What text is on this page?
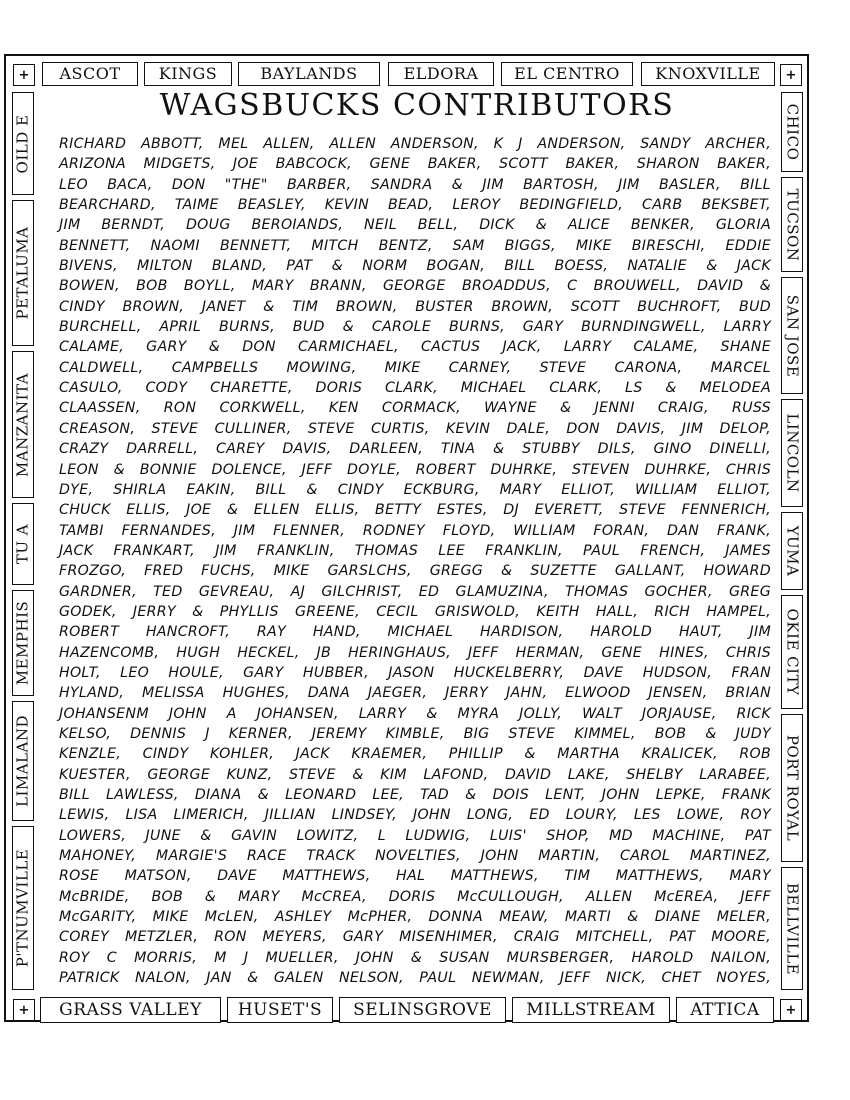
+	+
+	+
ASCOT	KINGS	BAYLANDS	ELDORA	EL CENTRO	KNOXVILLE
GRASS VALLEY	HUSET'S	SELINSGROVE	MILLSTREAM	ATTICA
P'TNUMVILLE
LIMALAND
MEMPHIS
TU A
MANZANITA
PETALUMA
OILD E	CHICO
TUCSON
SAN JOSE
LINCOLN
YUMA
OKIE CITY
PORT ROYAL
BELLVILLE
WAGSBUCKS CONTRIBUTORS
RICHARD ABBOTT, MEL ALLEN, ALLEN ANDERSON, K J ANDERSON, SANDY ARCHER,
ARIZONA MIDGETS, JOE BABCOCK, GENE BAKER, SCOTT BAKER, SHARON BAKER,
LEO BACA, DON "THE" BARBER, SANDRA & JIM BARTOSH, JIM BASLER, BILL
BEARCHARD, TAIME BEASLEY, KEVIN BEAD, LEROY BEDINGFIELD, CARB BEKSBET,
JIM BERNDT, DOUG BEROIANDS, NEIL BELL, DICK & ALICE BENKER, GLORIA
BENNETT, NAOMI BENNETT, MITCH BENTZ, SAM BIGGS, MIKE BIRESCHI, EDDIE
BIVENS, MILTON BLAND, PAT & NORM BOGAN, BILL BOESS, NATALIE & JACK
BOWEN, BOB BOYLL, MARY BRANN, GEORGE BROADDUS, C BROUWELL, DAVID &
CINDY BROWN, JANET & TIM BROWN, BUSTER BROWN, SCOTT BUCHROFT, BUD
BURCHELL, APRIL BURNS, BUD & CAROLE BURNS, GARY BURNDINGWELL, LARRY
CALAME, GARY & DON CARMICHAEL, CACTUS JACK, LARRY CALAME, SHANE
CALDWELL, CAMPBELLS MOWING, MIKE CARNEY, STEVE CARONA, MARCEL
CASULO, CODY CHARETTE, DORIS CLARK, MICHAEL CLARK, LS & MELODEA
CLAASSEN, RON CORKWELL, KEN CORMACK, WAYNE & JENNI CRAIG, RUSS
CREASON, STEVE CULLINER, STEVE CURTIS, KEVIN DALE, DON DAVIS, JIM DELOP,
CRAZY DARRELL, CAREY DAVIS, DARLEEN, TINA & STUBBY DILS, GINO DINELLI,
LEON & BONNIE DOLENCE, JEFF DOYLE, ROBERT DUHRKE, STEVEN DUHRKE, CHRIS
DYE, SHIRLA EAKIN, BILL & CINDY ECKBURG, MARY ELLIOT, WILLIAM ELLIOT,
CHUCK ELLIS, JOE & ELLEN ELLIS, BETTY ESTES, DJ EVERETT, STEVE FENNERICH,
TAMBI FERNANDES, JIM FLENNER, RODNEY FLOYD, WILLIAM FORAN, DAN FRANK,
JACK FRANKART, JIM FRANKLIN, THOMAS LEE FRANKLIN, PAUL FRENCH, JAMES
FROZGO, FRED FUCHS, MIKE GARSLCHS, GREGG & SUZETTE GALLANT, HOWARD
GARDNER, TED GEVREAU, AJ GILCHRIST, ED GLAMUZINA, THOMAS GOCHER, GREG
GODEK, JERRY & PHYLLIS GREENE, CECIL GRISWOLD, KEITH HALL, RICH HAMPEL,
ROBERT HANCROFT, RAY HAND, MICHAEL HARDISON, HAROLD HAUT, JIM
HAZENCOMB, HUGH HECKEL, JB HERINGHAUS, JEFF HERMAN, GENE HINES, CHRIS
HOLT, LEO HOULE, GARY HUBBER, JASON HUCKELBERRY, DAVE HUDSON, FRAN
HYLAND, MELISSA HUGHES, DANA JAEGER, JERRY JAHN, ELWOOD JENSEN, BRIAN
JOHANSENM JOHN A JOHANSEN, LARRY & MYRA JOLLY, WALT JORJAUSE, RICK
KELSO, DENNIS J KERNER, JEREMY KIMBLE, BIG STEVE KIMMEL, BOB & JUDY
KENZLE, CINDY KOHLER, JACK KRAEMER, PHILLIP & MARTHA KRALICEK, ROB
KUESTER, GEORGE KUNZ, STEVE & KIM LAFOND, DAVID LAKE, SHELBY LARABEE,
BILL LAWLESS, DIANA & LEONARD LEE, TAD & DOIS LENT, JOHN LEPKE, FRANK
LEWIS, LISA LIMERICH, JILLIAN LINDSEY, JOHN LONG, ED LOURY, LES LOWE, ROY
LOWERS, JUNE & GAVIN LOWITZ, L LUDWIG, LUIS' SHOP, MD MACHINE, PAT
MAHONEY, MARGIE'S RACE TRACK NOVELTIES, JOHN MARTIN, CAROL MARTINEZ,
ROSE MATSON, DAVE MATTHEWS, HAL MATTHEWS, TIM MATTHEWS, MARY
McBRIDE, BOB & MARY McCREA, DORIS McCULLOUGH, ALLEN McEREA, JEFF
McGARITY, MIKE McLEN, ASHLEY McPHER, DONNA MEAW, MARTI & DIANE MELER,
COREY METZLER, RON MEYERS, GARY MISENHIMER, CRAIG MITCHELL, PAT MOORE,
ROY C MORRIS, M J MUELLER, JOHN & SUSAN MURSBERGER, HAROLD NAILON,
PATRICK NALON, JAN & GALEN NELSON, PAUL NEWMAN, JEFF NICK, CHET NOYES,
